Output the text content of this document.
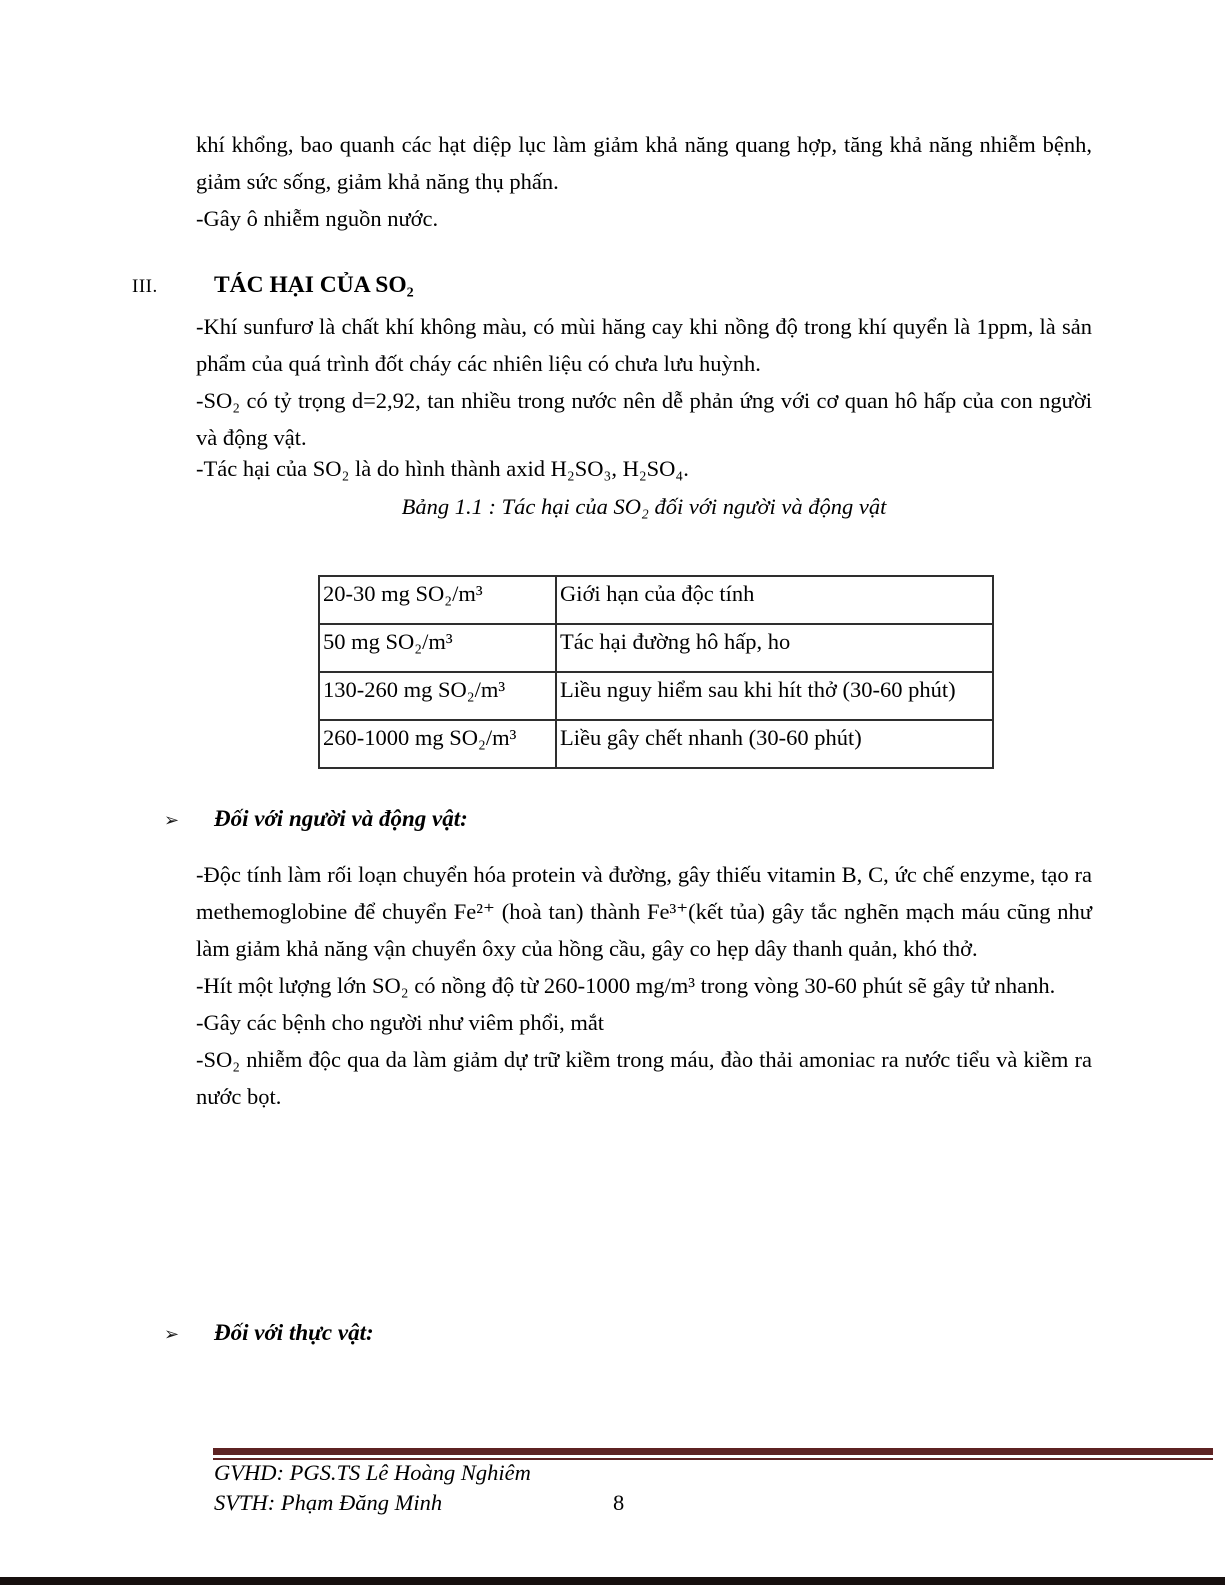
khí khổng, bao quanh các hạt diệp lục làm giảm khả năng quang hợp, tăng khả năng nhiễm bệnh, giảm sức sống, giảm khả năng thụ phấn.

-Gây ô nhiễm nguồn nước.

III.	TÁC HẠI CỦA SO₂

-Khí sunfurơ là chất khí không màu, có mùi hăng cay khi nồng độ trong khí quyển là 1ppm, là sản phẩm của quá trình đốt cháy các nhiên liệu có chưa lưu huỳnh.

-SO₂ có tỷ trọng d=2,92, tan nhiều trong nước nên dễ phản ứng với cơ quan hô hấp của con người và động vật.

-Tác hại của SO₂ là do hình thành axid H₂SO₃, H₂SO₄.

Bảng 1.1 : Tác hại của SO₂ đối với người và động vật
20-30 mg SO₂/m³	Giới hạn của độc tính
50 mg SO₂/m³	Tác hại đường hô hấp, ho
130-260 mg SO₂/m³	Liều nguy hiểm sau khi hít thở (30-60 phút)
260-1000 mg SO₂/m³	Liều gây chết nhanh (30-60 phút)
➢	Đối với người và động vật:

-Độc tính làm rối loạn chuyển hóa protein và đường, gây thiếu vitamin B, C, ức chế enzyme, tạo ra methemoglobine để chuyển Fe²⁺ (hoà tan) thành Fe³⁺(kết tủa) gây tắc nghẽn mạch máu cũng như làm giảm khả năng vận chuyển ôxy của hồng cầu, gây co hẹp dây thanh quản, khó thở.

-Hít một lượng lớn SO₂ có nồng độ từ 260-1000 mg/m³ trong vòng 30-60 phút sẽ gây tử nhanh.

-Gây các bệnh cho người như viêm phổi, mắt

-SO₂ nhiễm độc qua da làm giảm dự trữ kiềm trong máu, đào thải amoniac ra nước tiểu và kiềm ra nước bọt.

➢	Đối với thực vật:
GVHD: PGS.TS Lê Hoàng Nghiêm
SVTH: Phạm Đăng Minh	8
